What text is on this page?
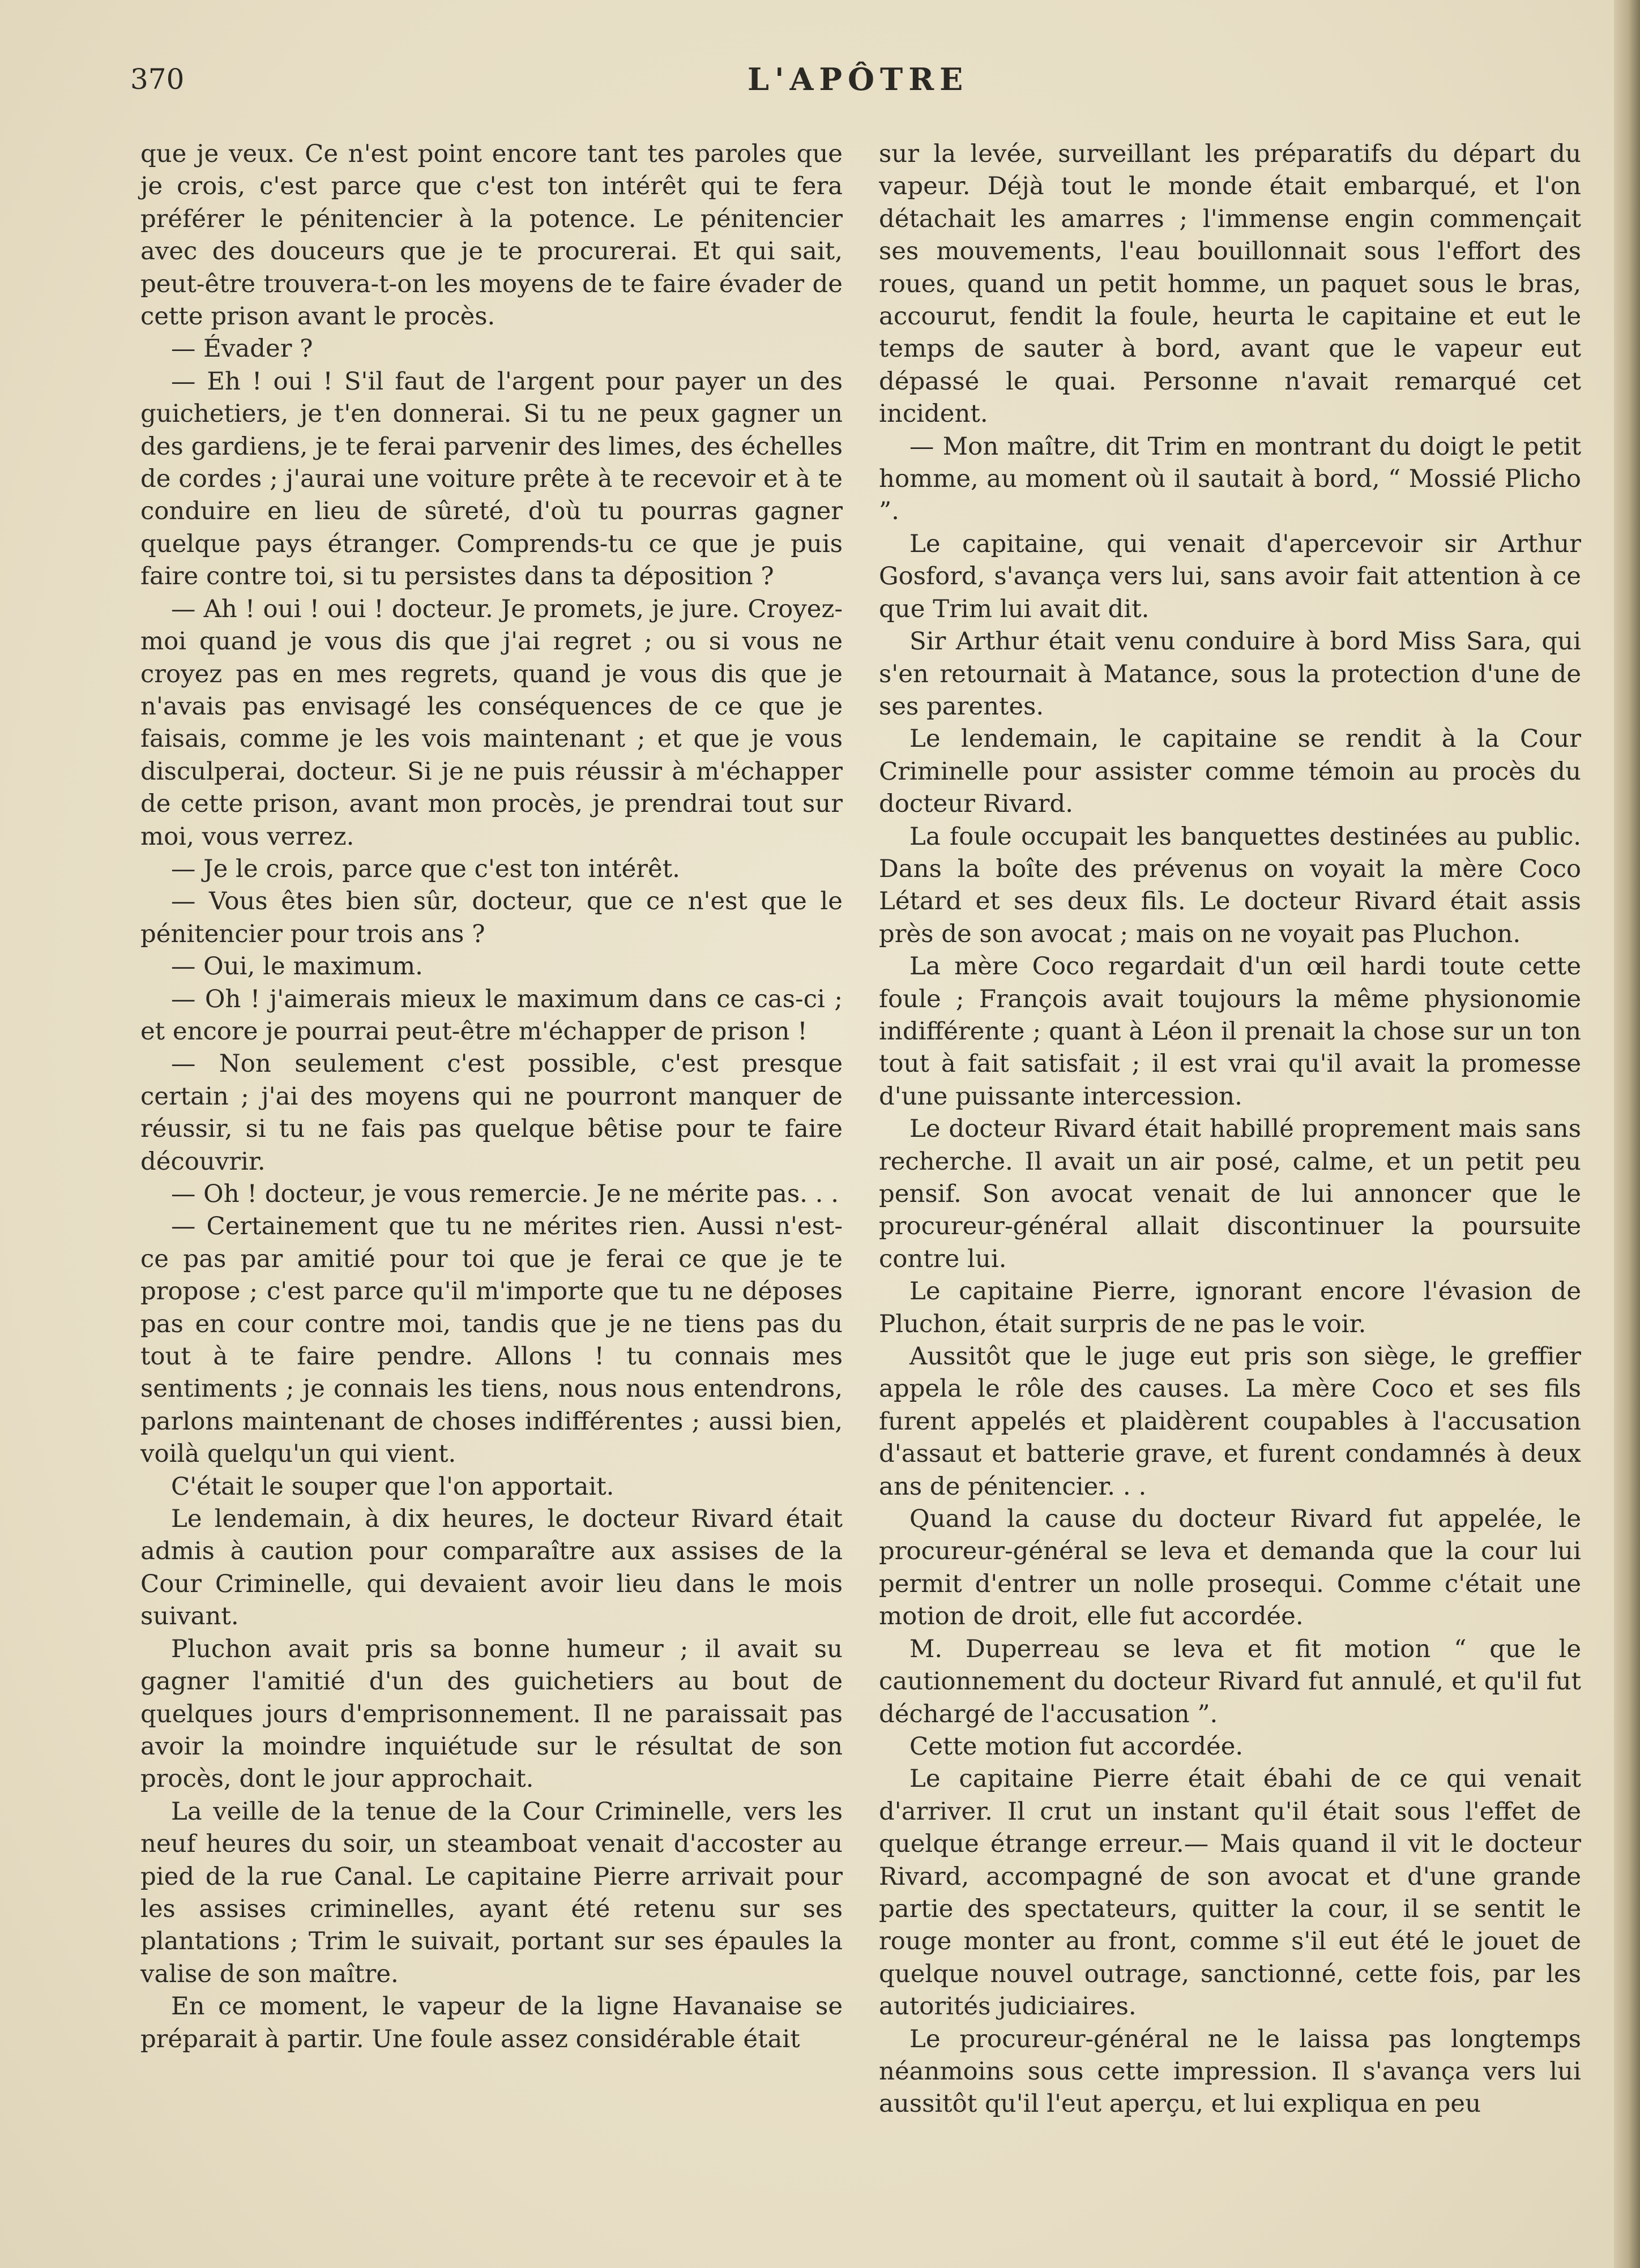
370	L'APÔTRE

que je veux. Ce n'est point encore tant tes paroles que je crois, c'est parce que c'est ton intérêt qui te fera préférer le pénitencier à la potence. Le pénitencier avec des douceurs que je te procurerai. Et qui sait, peut-être trouvera-t-on les moyens de te faire évader de cette prison avant le procès.

— Évader ?

— Eh ! oui ! S'il faut de l'argent pour payer un des guichetiers, je t'en donnerai. Si tu ne peux gagner un des gardiens, je te ferai parvenir des limes, des échelles de cordes ; j'aurai une voiture prête à te recevoir et à te conduire en lieu de sûreté, d'où tu pourras gagner quelque pays étranger. Comprends-tu ce que je puis faire contre toi, si tu persistes dans ta déposition ?

— Ah ! oui ! oui ! docteur. Je promets, je jure. Croyez-moi quand je vous dis que j'ai regret ; ou si vous ne croyez pas en mes regrets, quand je vous dis que je n'avais pas envisagé les conséquences de ce que je faisais, comme je les vois maintenant ; et que je vous disculperai, docteur. Si je ne puis réussir à m'échapper de cette prison, avant mon procès, je prendrai tout sur moi, vous verrez.

— Je le crois, parce que c'est ton intérêt.

— Vous êtes bien sûr, docteur, que ce n'est que le pénitencier pour trois ans ?

— Oui, le maximum.

— Oh ! j'aimerais mieux le maximum dans ce cas-ci ; et encore je pourrai peut-être m'échapper de prison !

— Non seulement c'est possible, c'est presque certain ; j'ai des moyens qui ne pourront manquer de réussir, si tu ne fais pas quelque bêtise pour te faire découvrir.

— Oh ! docteur, je vous remercie. Je ne mérite pas. . .

— Certainement que tu ne mérites rien. Aussi n'est-ce pas par amitié pour toi que je ferai ce que je te propose ; c'est parce qu'il m'importe que tu ne déposes pas en cour contre moi, tandis que je ne tiens pas du tout à te faire pendre. Allons ! tu connais mes sentiments ; je connais les tiens, nous nous entendrons, parlons maintenant de choses indifférentes ; aussi bien, voilà quelqu'un qui vient.

C'était le souper que l'on apportait.

Le lendemain, à dix heures, le docteur Rivard était admis à caution pour comparaître aux assises de la Cour Criminelle, qui devaient avoir lieu dans le mois suivant.

Pluchon avait pris sa bonne humeur ; il avait su gagner l'amitié d'un des guichetiers au bout de quelques jours d'emprisonnement. Il ne paraissait pas avoir la moindre inquiétude sur le résultat de son procès, dont le jour approchait.

La veille de la tenue de la Cour Criminelle, vers les neuf heures du soir, un steamboat venait d'accoster au pied de la rue Canal. Le capitaine Pierre arrivait pour les assises criminelles, ayant été retenu sur ses plantations ; Trim le suivait, portant sur ses épaules la valise de son maître.

En ce moment, le vapeur de la ligne Havanaise se préparait à partir. Une foule assez considérable était

sur la levée, surveillant les préparatifs du départ du vapeur. Déjà tout le monde était embarqué, et l'on détachait les amarres ; l'immense engin commençait ses mouvements, l'eau bouillonnait sous l'effort des roues, quand un petit homme, un paquet sous le bras, accourut, fendit la foule, heurta le capitaine et eut le temps de sauter à bord, avant que le vapeur eut dépassé le quai. Personne n'avait remarqué cet incident.

— Mon maître, dit Trim en montrant du doigt le petit homme, au moment où il sautait à bord, “ Mossié Plicho ”.

Le capitaine, qui venait d'apercevoir sir Arthur Gosford, s'avança vers lui, sans avoir fait attention à ce que Trim lui avait dit.

Sir Arthur était venu conduire à bord Miss Sara, qui s'en retournait à Matance, sous la protection d'une de ses parentes.

Le lendemain, le capitaine se rendit à la Cour Criminelle pour assister comme témoin au procès du docteur Rivard.

La foule occupait les banquettes destinées au public. Dans la boîte des prévenus on voyait la mère Coco Létard et ses deux fils. Le docteur Rivard était assis près de son avocat ; mais on ne voyait pas Pluchon.

La mère Coco regardait d'un œil hardi toute cette foule ; François avait toujours la même physionomie indifférente ; quant à Léon il prenait la chose sur un ton tout à fait satisfait ; il est vrai qu'il avait la promesse d'une puissante intercession.

Le docteur Rivard était habillé proprement mais sans recherche. Il avait un air posé, calme, et un petit peu pensif. Son avocat venait de lui annoncer que le procureur-général allait discontinuer la poursuite contre lui.

Le capitaine Pierre, ignorant encore l'évasion de Pluchon, était surpris de ne pas le voir.

Aussitôt que le juge eut pris son siège, le greffier appela le rôle des causes. La mère Coco et ses fils furent appelés et plaidèrent coupables à l'accusation d'assaut et batterie grave, et furent condamnés à deux ans de pénitencier. . .

Quand la cause du docteur Rivard fut appelée, le procureur-général se leva et demanda que la cour lui permit d'entrer un nolle prosequi. Comme c'était une motion de droit, elle fut accordée.

M. Duperreau se leva et fit motion “ que le cautionnement du docteur Rivard fut annulé, et qu'il fut déchargé de l'accusation ”.

Cette motion fut accordée.

Le capitaine Pierre était ébahi de ce qui venait d'arriver. Il crut un instant qu'il était sous l'effet de quelque étrange erreur.— Mais quand il vit le docteur Rivard, accompagné de son avocat et d'une grande partie des spectateurs, quitter la cour, il se sentit le rouge monter au front, comme s'il eut été le jouet de quelque nouvel outrage, sanctionné, cette fois, par les autorités judiciaires.

Le procureur-général ne le laissa pas longtemps néanmoins sous cette impression. Il s'avança vers lui aussitôt qu'il l'eut aperçu, et lui expliqua en peu
